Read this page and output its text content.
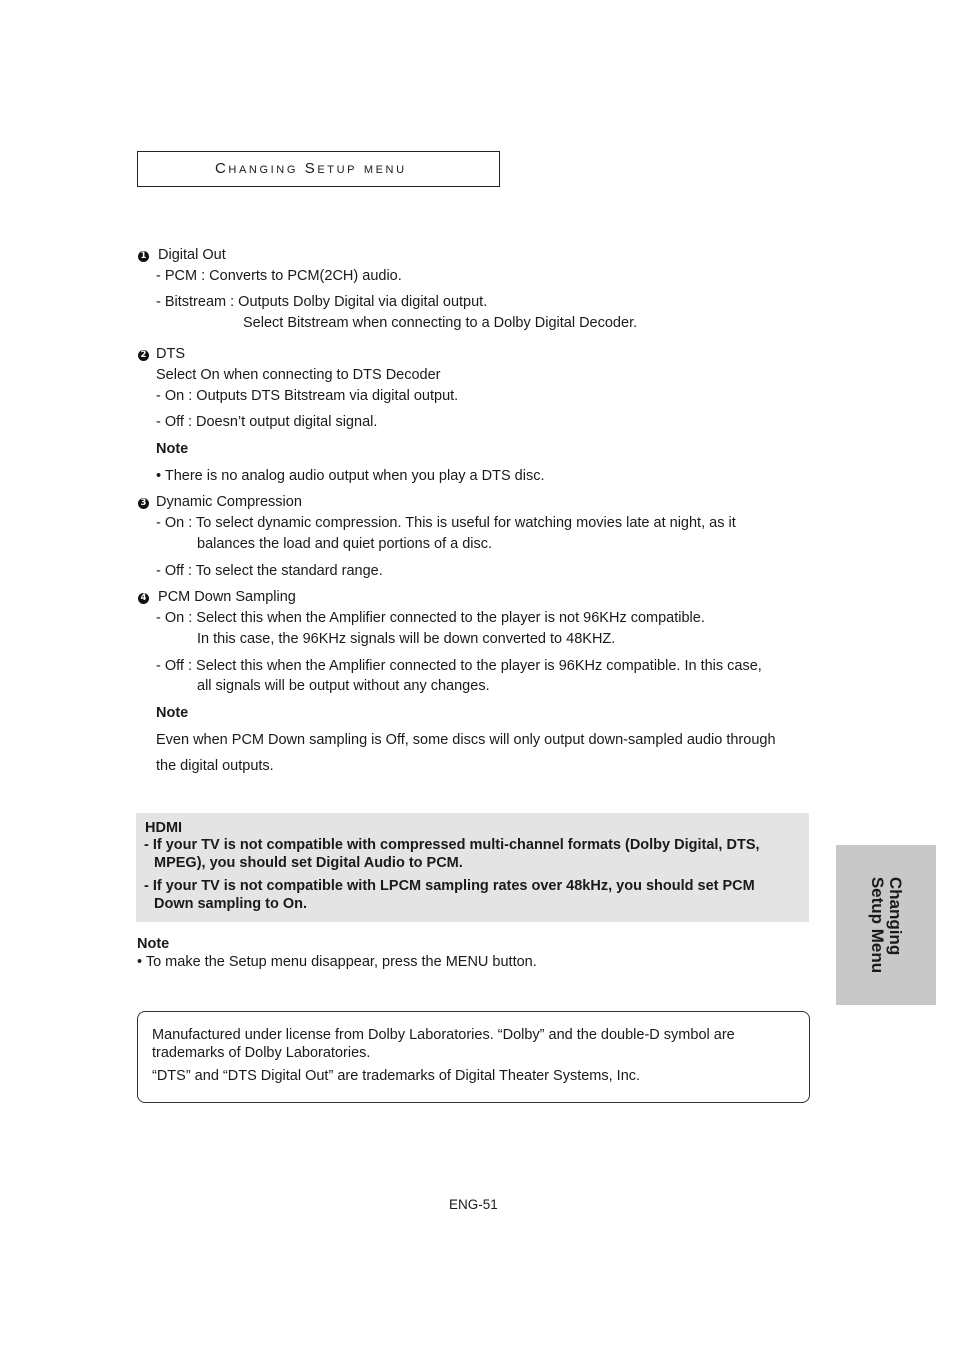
Changing Setup menu
1 Digital Out
- PCM : Converts to PCM(2CH) audio.
- Bitstream : Outputs Dolby Digital via digital output.
Select Bitstream when connecting to a Dolby Digital Decoder.
2 DTS
Select On when connecting to DTS Decoder
- On : Outputs DTS Bitstream via digital output.
- Off : Doesn’t output digital signal.
Note
• There is no analog audio output when you play a DTS disc.
3 Dynamic Compression
- On : To select dynamic compression. This is useful for watching movies late at night, as it
balances the load and quiet portions of a disc.
- Off : To select the standard range.
4 PCM Down Sampling
- On : Select this when the Amplifier connected to the player is not 96KHz compatible.
In this case, the 96KHz signals will be down converted to 48KHZ.
- Off : Select this when the Amplifier connected to the player is 96KHz compatible. In this case,
all signals will be output without any changes.
Note
Even when PCM Down sampling is Off, some discs will only output down-sampled audio through
the digital outputs.
HDMI
- If your TV is not compatible with compressed multi-channel formats (Dolby Digital, DTS,
MPEG), you should set Digital Audio to PCM.
- If your TV is not compatible with LPCM sampling rates over 48kHz, you should set PCM
Down sampling to On.
Note
• To make the Setup menu disappear, press the MENU button.
Manufactured under license from Dolby Laboratories. “Dolby” and the double-D symbol are
trademarks of Dolby Laboratories.
“DTS” and “DTS Digital Out” are trademarks of Digital Theater Systems, Inc.
Changing
Setup Menu
ENG-51
